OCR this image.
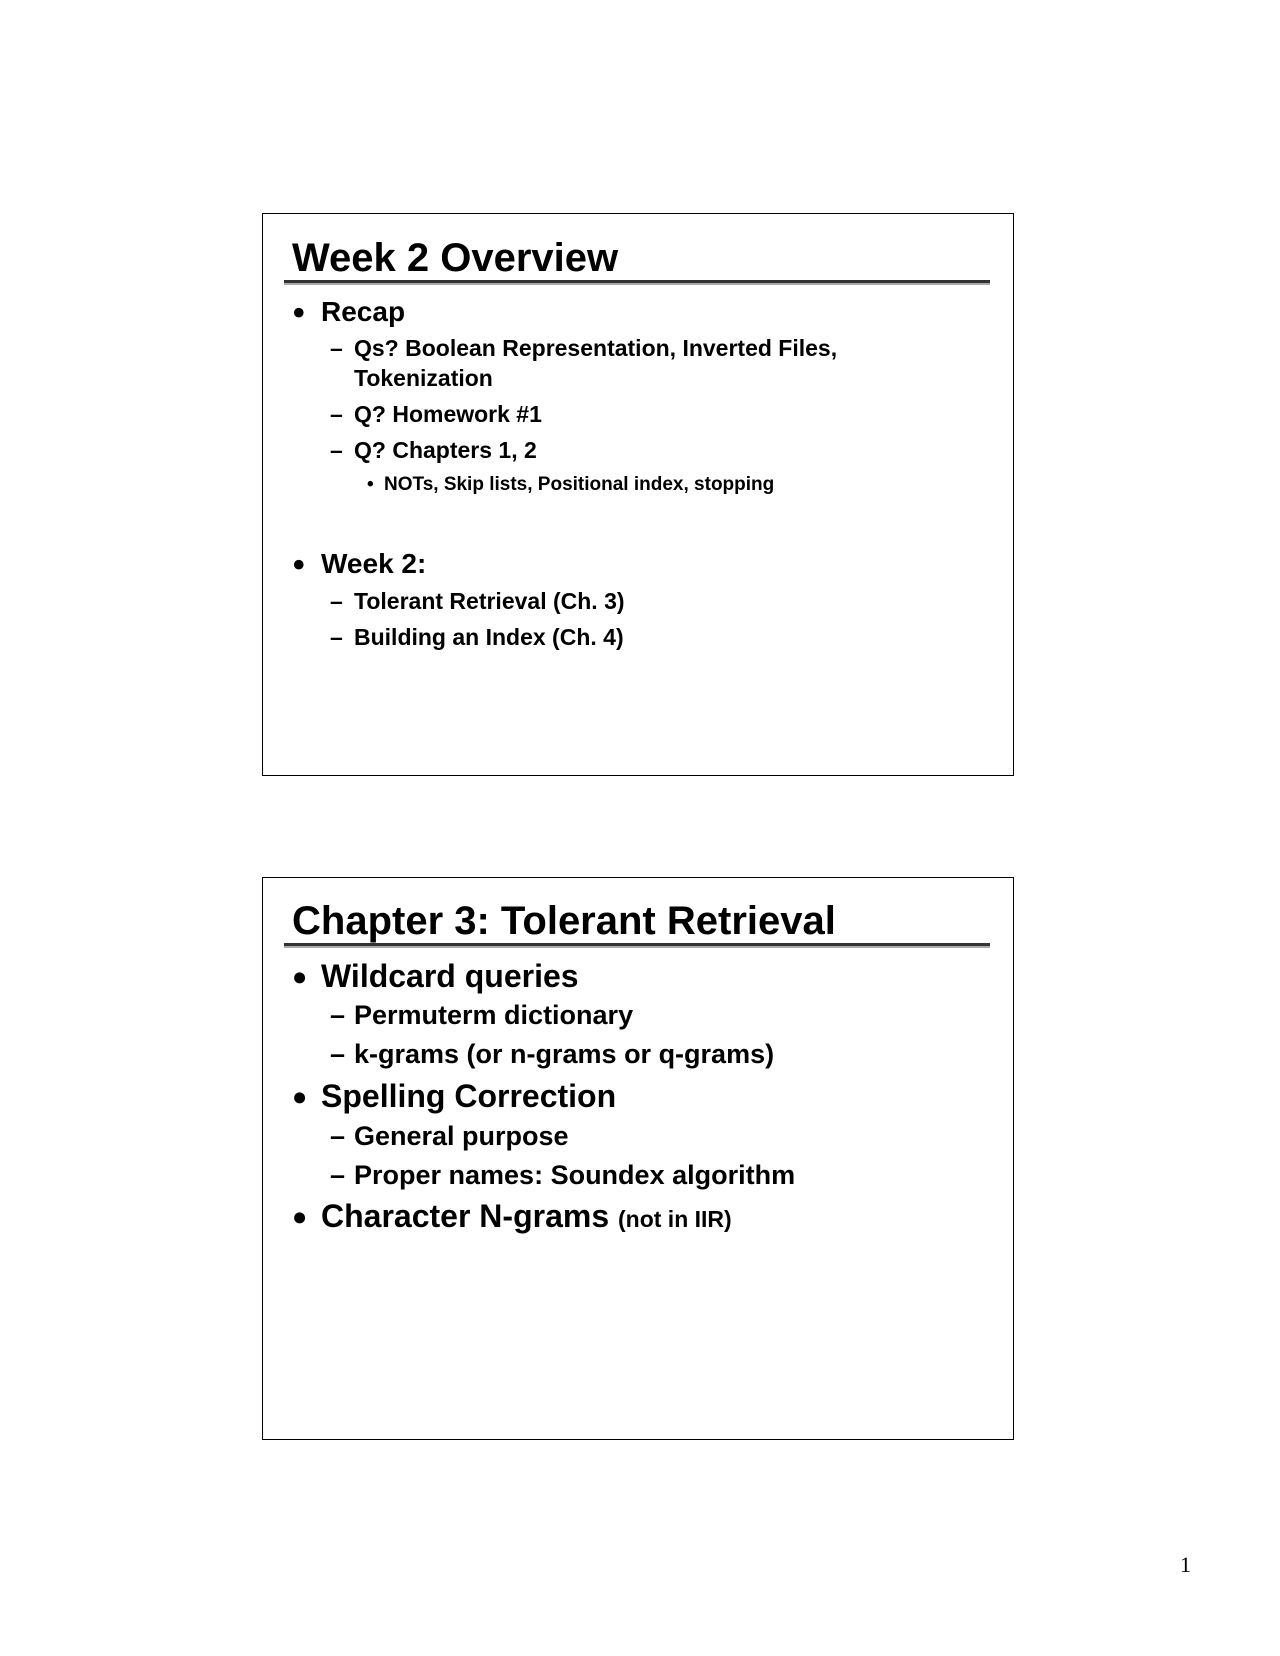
Week 2 Overview
● Recap
– Qs? Boolean Representation, Inverted Files,
Tokenization
– Q? Homework #1
– Q? Chapters 1, 2
• NOTs, Skip lists, Positional index, stopping
● Week 2:
– Tolerant Retrieval (Ch. 3)
– Building an Index (Ch. 4)
Chapter 3: Tolerant Retrieval
● Wildcard queries
– Permuterm dictionary
– k-grams (or n-grams or q-grams)
● Spelling Correction
– General purpose
– Proper names: Soundex algorithm
● Character N-grams (not in IIR)
1
